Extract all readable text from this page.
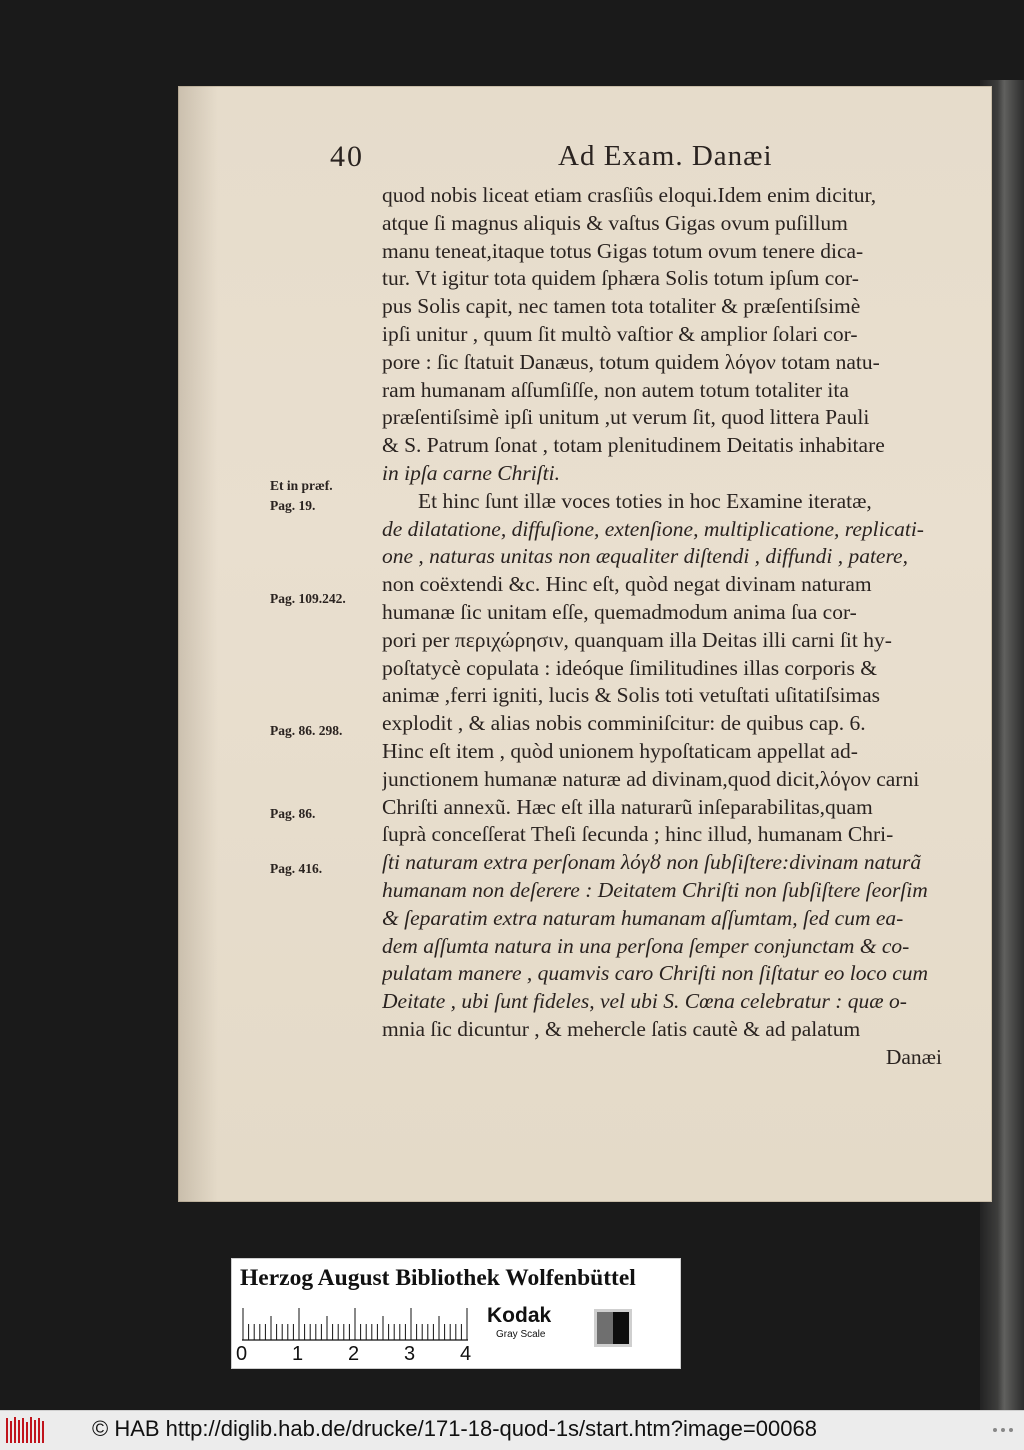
40	Ad Exam. Danæi
Et in præf.
Pag. 19.
Pag. 109.242.
Pag. 86. 298.
Pag. 86.
Pag. 416.
quod nobis liceat etiam crasſiûs eloqui.Idem enim dicitur,
atque ſi magnus aliquis & vaſtus Gigas ovum puſillum
manu teneat,itaque totus Gigas totum ovum tenere dica-
tur. Vt igitur tota quidem ſphæra Solis totum ipſum cor-
pus Solis capit, nec tamen tota totaliter & præſentiſsimè
ipſi unitur , quum ſit multò vaſtior & amplior ſolari cor-
pore : ſic ſtatuit Danæus, totum quidem λόγον totam natu-
ram humanam aſſumſiſſe, non autem totum totaliter ita
præſentiſsimè ipſi unitum ,ut verum ſit, quod littera Pauli
& S. Patrum ſonat , totam plenitudinem Deitatis inhabitare
in ipſa carne Chriſti.
Et hinc ſunt illæ voces toties in hoc Examine iteratæ,
de dilatatione, diffuſione, extenſione, multiplicatione, replicati-
one , naturas unitas non æqualiter diſtendi , diffundi , patere,
non coëxtendi &c. Hinc eſt, quòd negat divinam naturam
humanæ ſic unitam eſſe, quemadmodum anima ſua cor-
pori per περιχώρησιν, quanquam illa Deitas illi carni ſit hy-
poſtatycè copulata : ideóque ſimilitudines illas corporis &
animæ ,ferri igniti, lucis & Solis toti vetuſtati uſitatiſsimas
explodit , & alias nobis comminiſcitur: de quibus cap. 6.
Hinc eſt item , quòd unionem hypoſtaticam appellat ad-
junctionem humanæ naturæ ad divinam,quod dicit,λόγον carni
Chriſti annexũ. Hæc eſt illa naturarũ inſeparabilitas,quam
ſuprà conceſſerat Theſi ſecunda ; hinc illud, humanam Chri-
ſti naturam extra perſonam λόγȣ non ſubſiſtere:divinam naturã
humanam non deſerere : Deitatem Chriſti non ſubſiſtere ſeorſim
& ſeparatim extra naturam humanam aſſumtam, ſed cum ea-
dem aſſumta natura in una perſona ſemper conjunctam & co-
pulatam manere , quamvis caro Chriſti non ſiſtatur eo loco cum
Deitate , ubi ſunt fideles, vel ubi S. Cœna celebratur : quæ o-
mnia ſic dicuntur , & mehercle ſatis cautè & ad palatum
Danæi
Herzog August Bibliothek Wolfenbüttel
0 1 2 3 4
Kodak
Gray Scale
© HAB http://diglib.hab.de/drucke/171-18-quod-1s/start.htm?image=00068
